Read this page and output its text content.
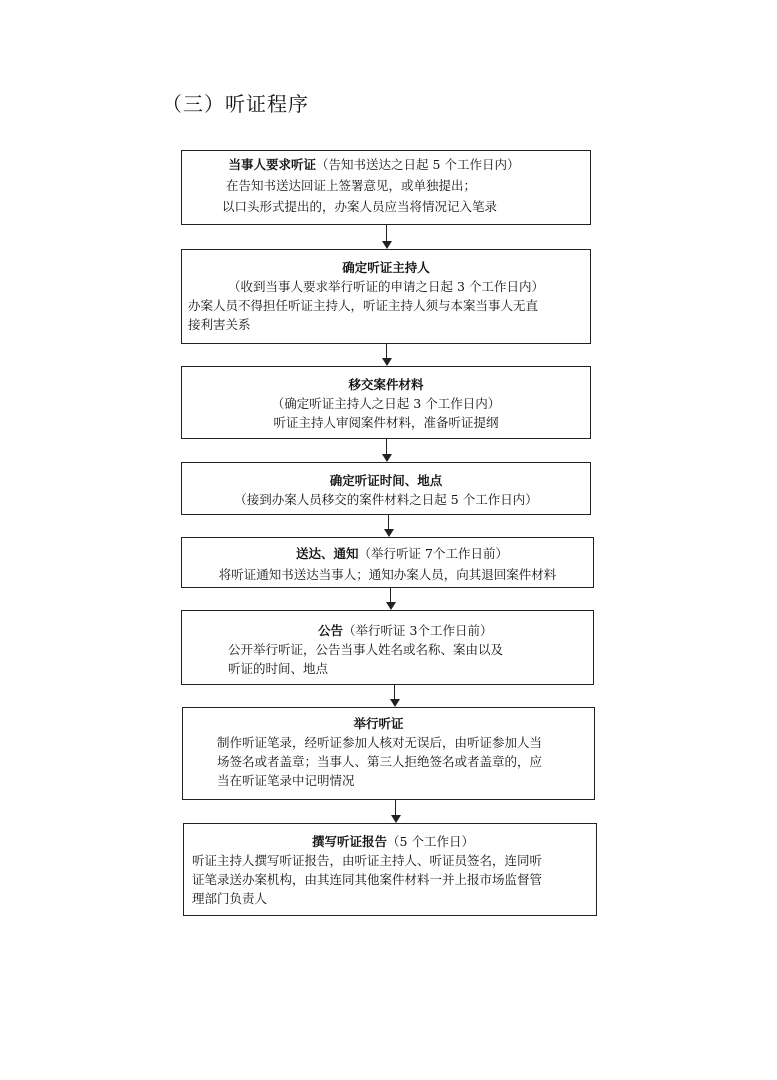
（三）听证程序
当事人要求听证（告知书送达之日起 5 个工作日内）
在告知书送达回证上签署意见，或单独提出；
以口头形式提出的，办案人员应当将情况记入笔录
确定听证主持人
（收到当事人要求举行听证的申请之日起 3 个工作日内）
办案人员不得担任听证主持人，听证主持人须与本案当事人无直
接利害关系
移交案件材料
（确定听证主持人之日起 3 个工作日内）
听证主持人审阅案件材料，准备听证提纲
确定听证时间、地点
（接到办案人员移交的案件材料之日起 5 个工作日内）
送达、通知（举行听证 7个工作日前）
将听证通知书送达当事人；通知办案人员，向其退回案件材料
公告（举行听证 3个工作日前）
公开举行听证，公告当事人姓名或名称、案由以及
听证的时间、地点
举行听证
制作听证笔录，经听证参加人核对无误后，由听证参加人当
场签名或者盖章；当事人、第三人拒绝签名或者盖章的，应
当在听证笔录中记明情况
撰写听证报告（5 个工作日）
听证主持人撰写听证报告，由听证主持人、听证员签名，连同听
证笔录送办案机构，由其连同其他案件材料一并上报市场监督管
理部门负责人
